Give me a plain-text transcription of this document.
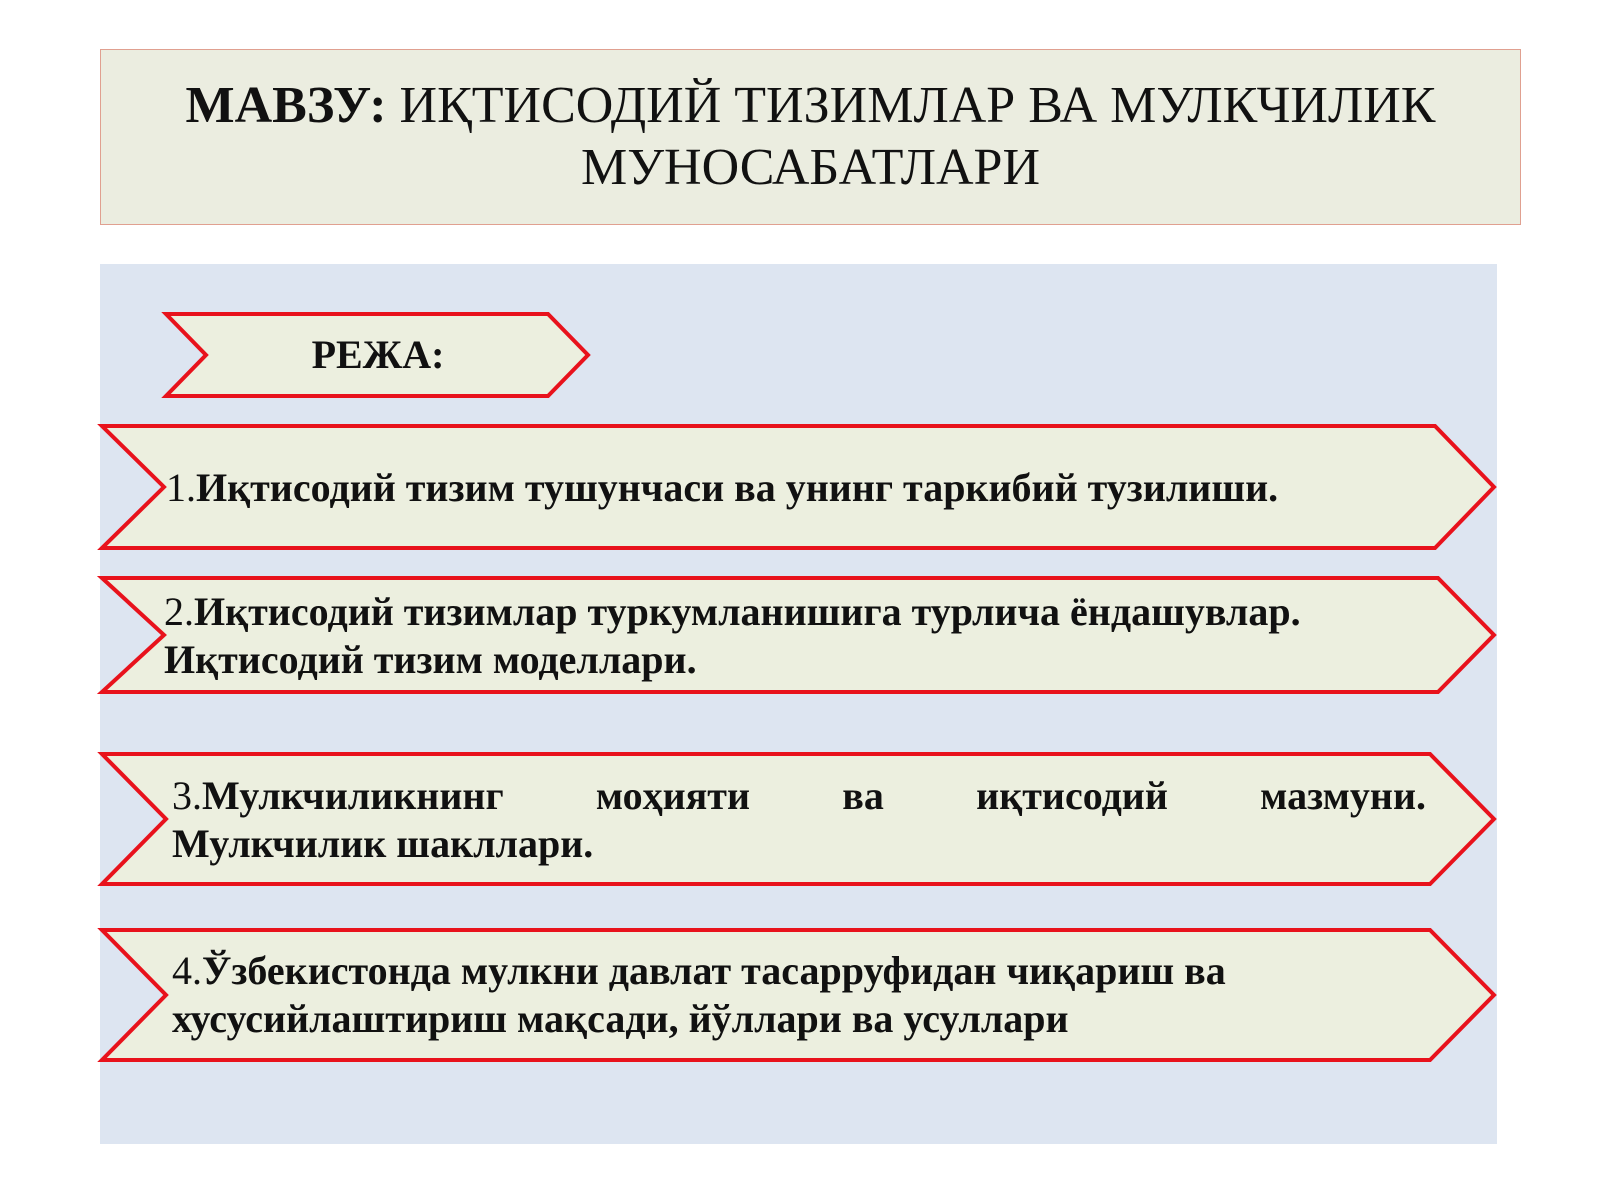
МАВЗУ: ИҚТИСОДИЙ ТИЗИМЛАР ВА МУЛКЧИЛИК
МУНОСАБАТЛАРИ

РЕЖА:
1.Иқтисодий тизим тушунчаси ва унинг таркибий тузилиши.
2.Иқтисодий тизимлар туркумланишига турлича ёндашувлар.
Иқтисодий тизим моделлари.
3.Мулкчиликнинг моҳияти ва иқтисодий мазмуни.
Мулкчилик шакллари.
4.Ўзбекистонда мулкни давлат тасарруфидан чиқариш ва
хусусийлаштириш мақсади, йўллари ва усуллари
